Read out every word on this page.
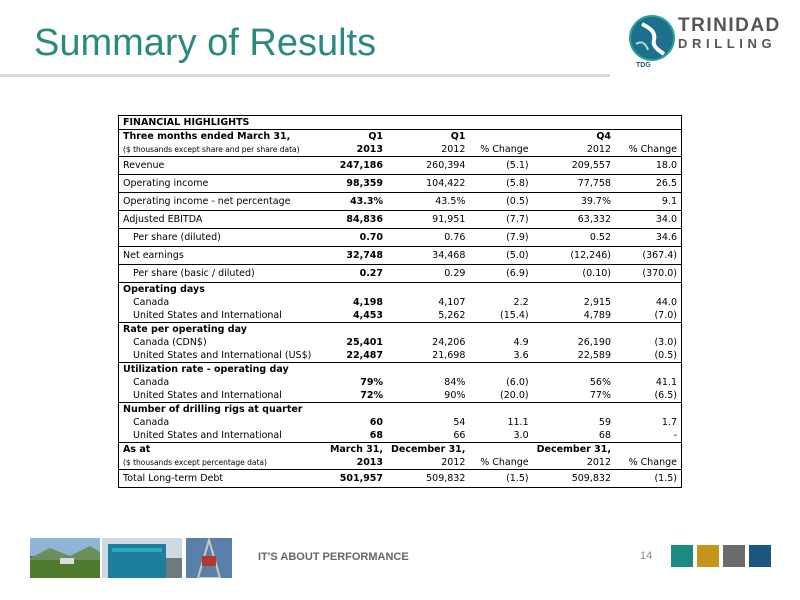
Summary of Results
TDG
TRINIDAD
DRILLING
FINANCIAL HIGHLIGHTS					
Three months ended March 31,	Q1	Q1		Q4	
($ thousands except share and per share data)	2013	2012	% Change	2012	% Change
Revenue	247,186	260,394	(5.1)	209,557	18.0
Operating income	98,359	104,422	(5.8)	77,758	26.5
Operating income - net percentage	43.3%	43.5%	(0.5)	39.7%	9.1
Adjusted EBITDA	84,836	91,951	(7.7)	63,332	34.0
Per share (diluted)	0.70	0.76	(7.9)	0.52	34.6
Net earnings	32,748	34,468	(5.0)	(12,246)	(367.4)
Per share (basic / diluted)	0.27	0.29	(6.9)	(0.10)	(370.0)
Operating days					
Canada	4,198	4,107	2.2	2,915	44.0
United States and International	4,453	5,262	(15.4)	4,789	(7.0)
Rate per operating day					
Canada (CDN$)	25,401	24,206	4.9	26,190	(3.0)
United States and International (US$)	22,487	21,698	3.6	22,589	(0.5)
Utilization rate - operating day					
Canada	79%	84%	(6.0)	56%	41.1
United States and International	72%	90%	(20.0)	77%	(6.5)
Number of drilling rigs at quarter					
Canada	60	54	11.1	59	1.7
United States and International	68	66	3.0	68	-
As at	March 31,	December 31,		December 31,	
($ thousands except percentage data)	2013	2012	% Change	2012	% Change
Total Long-term Debt	501,957	509,832	(1.5)	509,832	(1.5)
IT'S ABOUT PERFORMANCE	14
